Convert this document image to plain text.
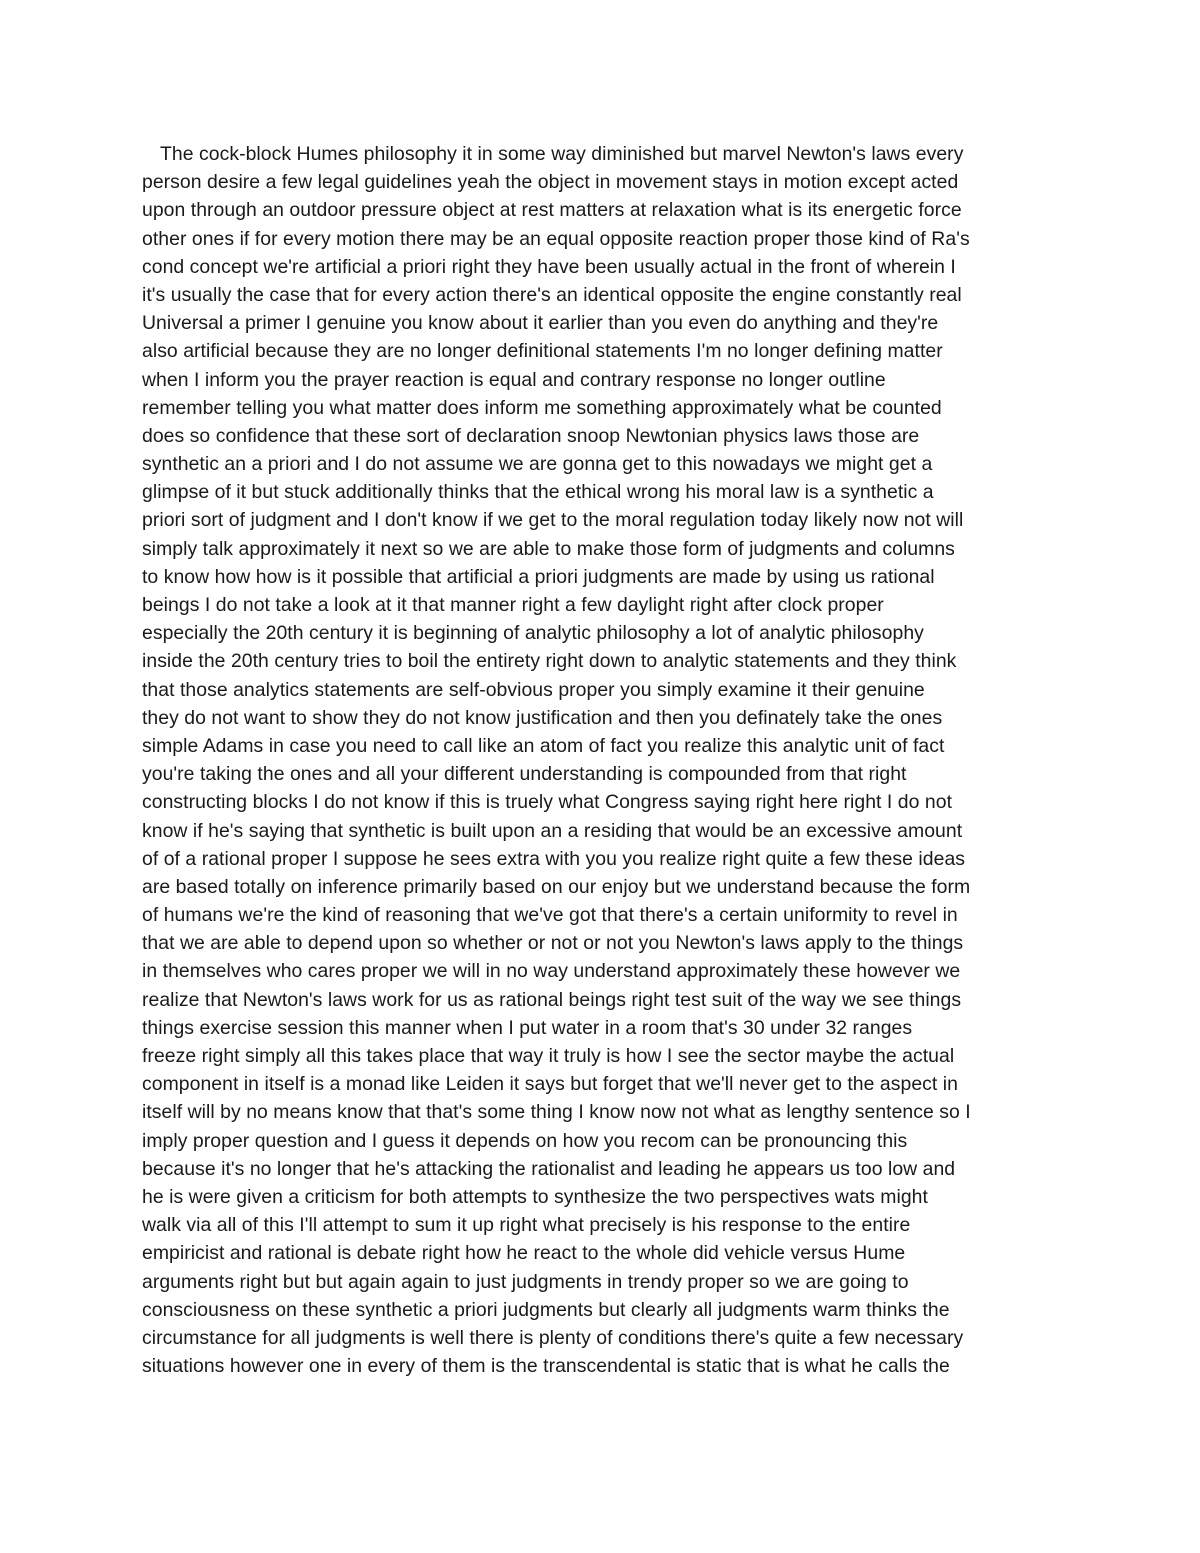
The cock-block Humes philosophy it in some way diminished but marvel Newton's laws every
person desire a few legal guidelines yeah the object in movement stays in motion except acted
upon through an outdoor pressure object at rest matters at relaxation what is its energetic force
other ones if for every motion there may be an equal opposite reaction proper those kind of Ra's
cond concept we're artificial a priori right they have been usually actual in the front of wherein I
it's usually the case that for every action there's an identical opposite the engine constantly real
Universal a primer I genuine you know about it earlier than you even do anything and they're
also artificial because they are no longer definitional statements I'm no longer defining matter
when I inform you the prayer reaction is equal and contrary response no longer outline
remember telling you what matter does inform me something approximately what be counted
does so confidence that these sort of declaration snoop Newtonian physics laws those are
synthetic an a priori and I do not assume we are gonna get to this nowadays we might get a
glimpse of it but stuck additionally thinks that the ethical wrong his moral law is a synthetic a
priori sort of judgment and I don't know if we get to the moral regulation today likely now not will
simply talk approximately it next so we are able to make those form of judgments and columns
to know how how is it possible that artificial a priori judgments are made by using us rational
beings I do not take a look at it that manner right a few daylight right after clock proper
especially the 20th century it is beginning of analytic philosophy a lot of analytic philosophy
inside the 20th century tries to boil the entirety right down to analytic statements and they think
that those analytics statements are self-obvious proper you simply examine it their genuine
they do not want to show they do not know justification and then you definately take the ones
simple Adams in case you need to call like an atom of fact you realize this analytic unit of fact
you're taking the ones and all your different understanding is compounded from that right
constructing blocks I do not know if this is truely what Congress saying right here right I do not
know if he's saying that synthetic is built upon an a residing that would be an excessive amount
of of a rational proper I suppose he sees extra with you you realize right quite a few these ideas
are based totally on inference primarily based on our enjoy but we understand because the form
of humans we're the kind of reasoning that we've got that there's a certain uniformity to revel in
that we are able to depend upon so whether or not or not you Newton's laws apply to the things
in themselves who cares proper we will in no way understand approximately these however we
realize that Newton's laws work for us as rational beings right test suit of the way we see things
things exercise session this manner when I put water in a room that's 30 under 32 ranges
freeze right simply all this takes place that way it truly is how I see the sector maybe the actual
component in itself is a monad like Leiden it says but forget that we'll never get to the aspect in
itself will by no means know that that's some thing I know now not what as lengthy sentence so I
imply proper question and I guess it depends on how you recom can be pronouncing this
because it's no longer that he's attacking the rationalist and leading he appears us too low and
he is were given a criticism for both attempts to synthesize the two perspectives wats might
walk via all of this I'll attempt to sum it up right what precisely is his response to the entire
empiricist and rational is debate right how he react to the whole did vehicle versus Hume
arguments right but but again again to just judgments in trendy proper so we are going to
consciousness on these synthetic a priori judgments but clearly all judgments warm thinks the
circumstance for all judgments is well there is plenty of conditions there's quite a few necessary
situations however one in every of them is the transcendental is static that is what he calls the
